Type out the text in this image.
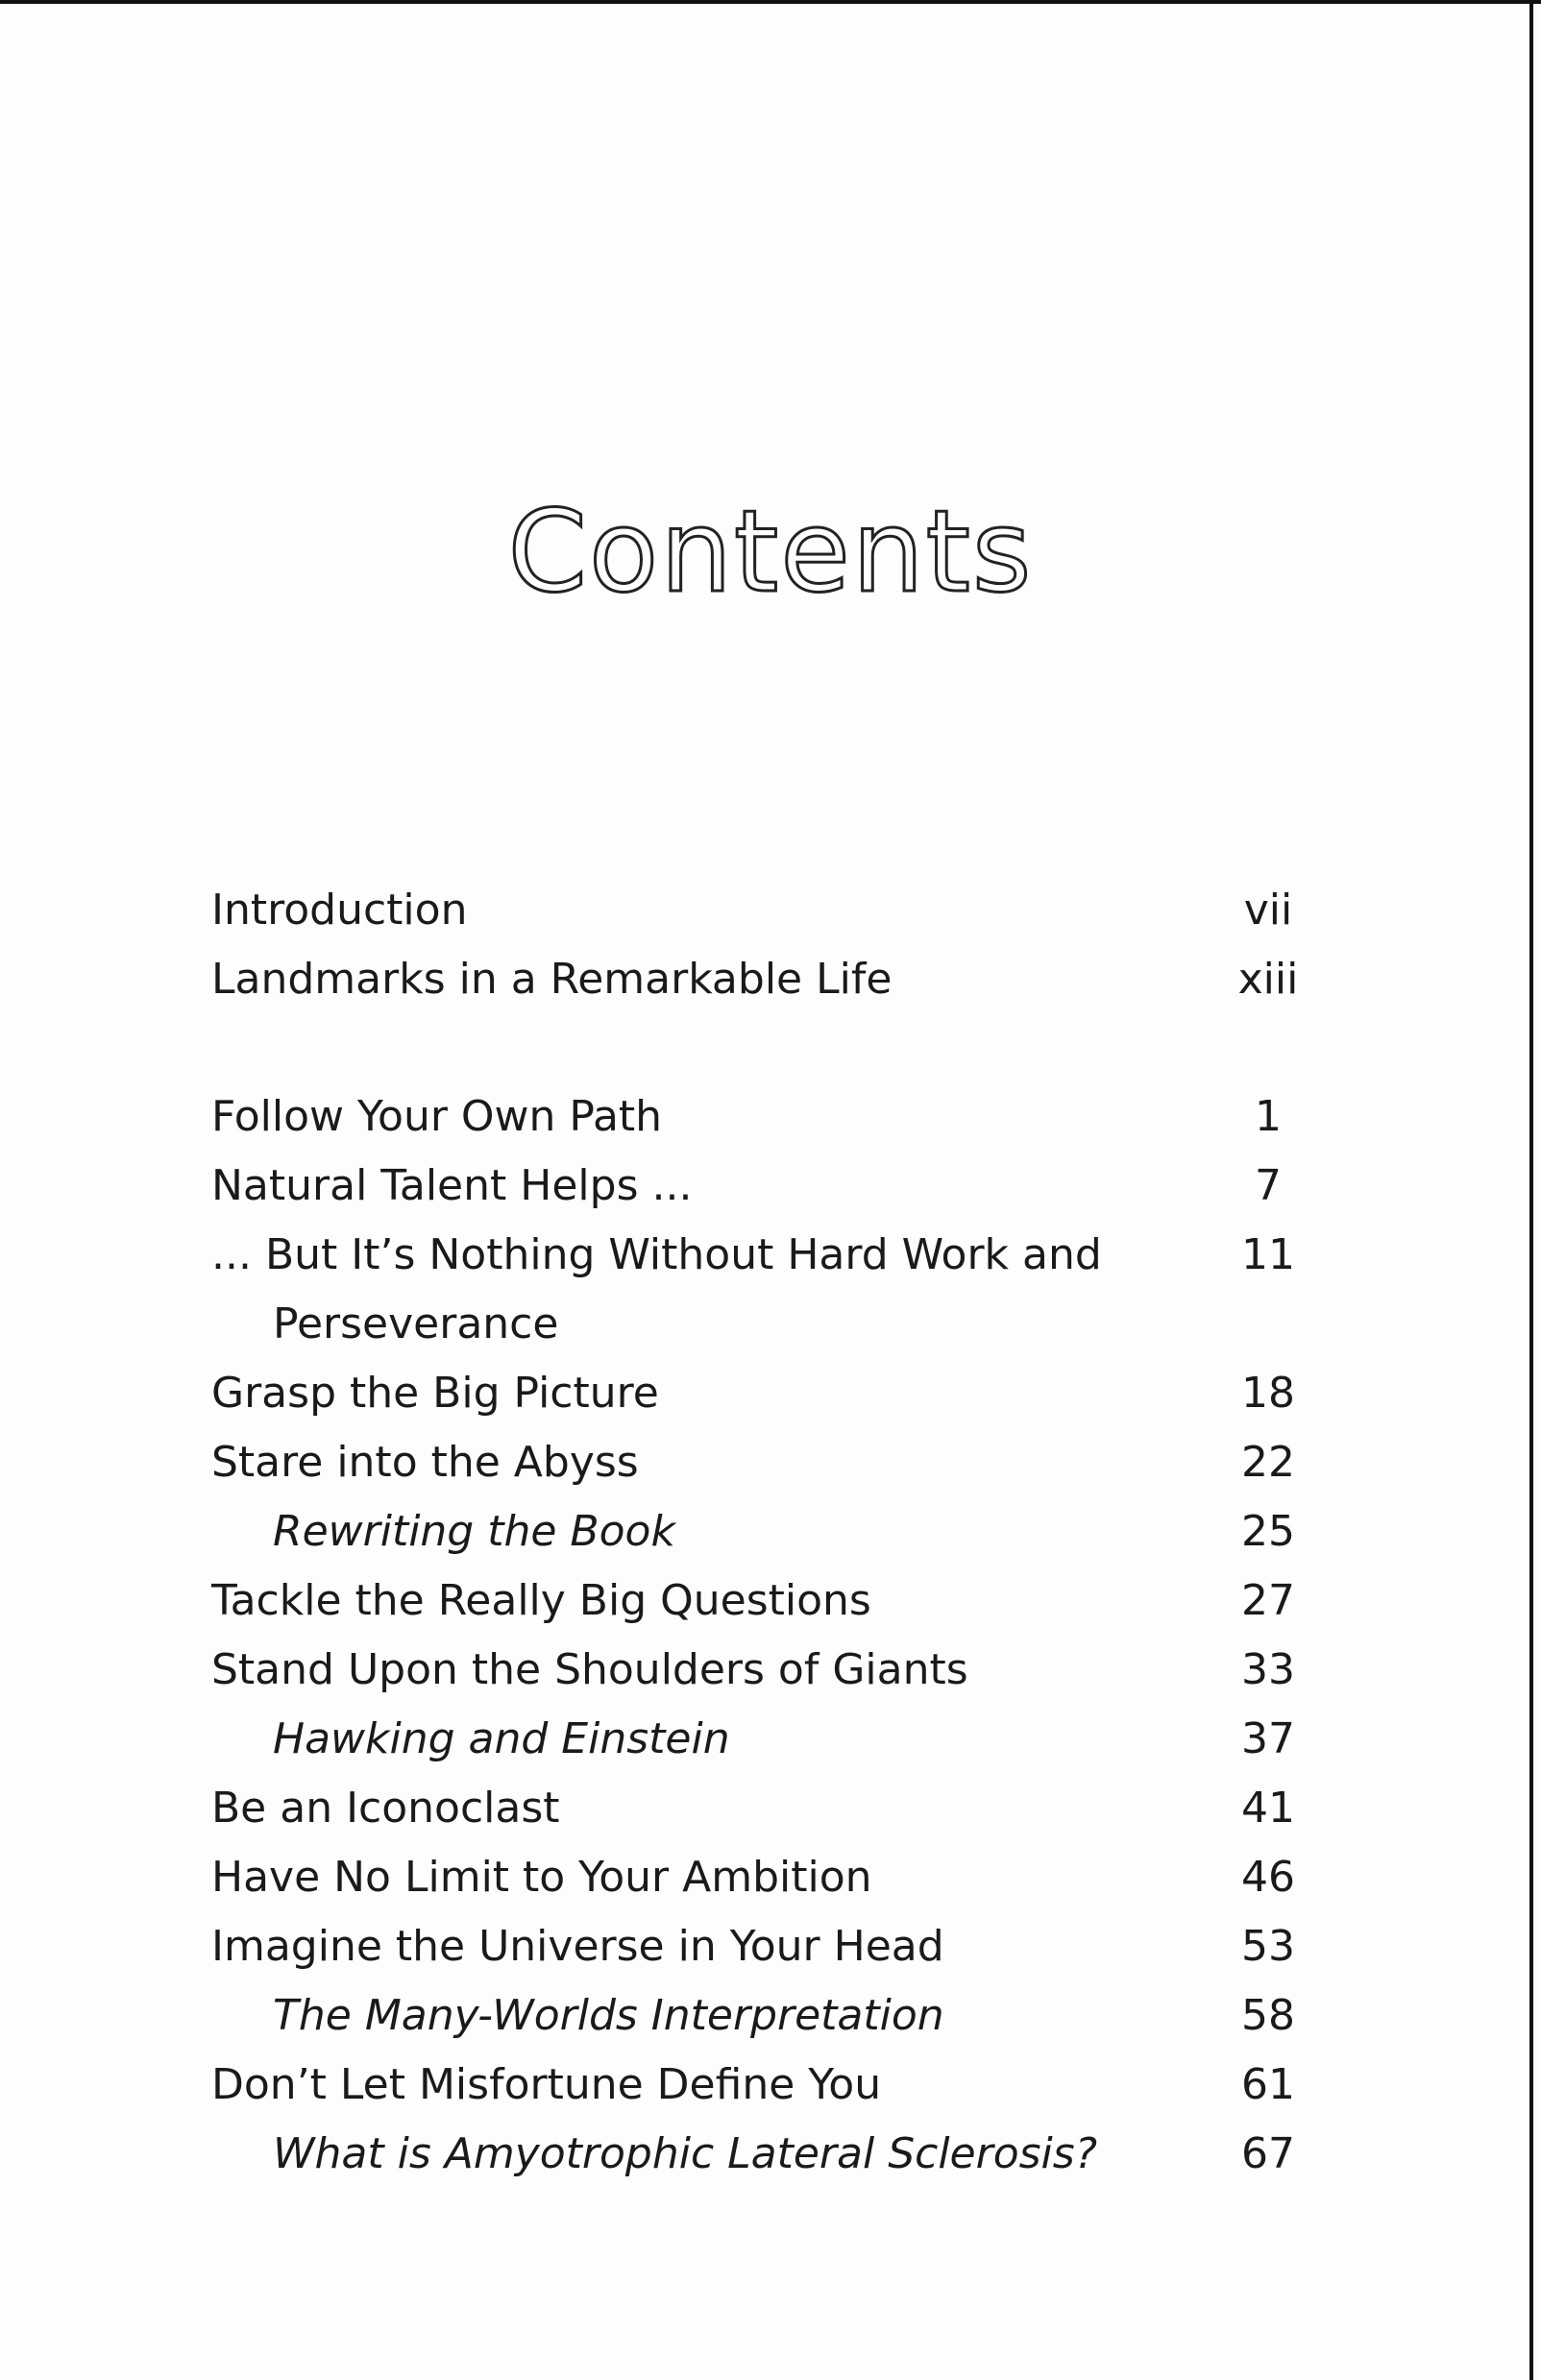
Contents
Introduction	vii
Landmarks in a Remarkable Life	xiii
Follow Your Own Path	1
Natural Talent Helps ...	7
... But It’s Nothing Without Hard Work and	11
Perseverance
Grasp the Big Picture	18
Stare into the Abyss	22
Rewriting the Book	25
Tackle the Really Big Questions	27
Stand Upon the Shoulders of Giants	33
Hawking and Einstein	37
Be an Iconoclast	41
Have No Limit to Your Ambition	46
Imagine the Universe in Your Head	53
The Many-Worlds Interpretation	58
Don’t Let Misfortune Define You	61
What is Amyotrophic Lateral Sclerosis?	67
